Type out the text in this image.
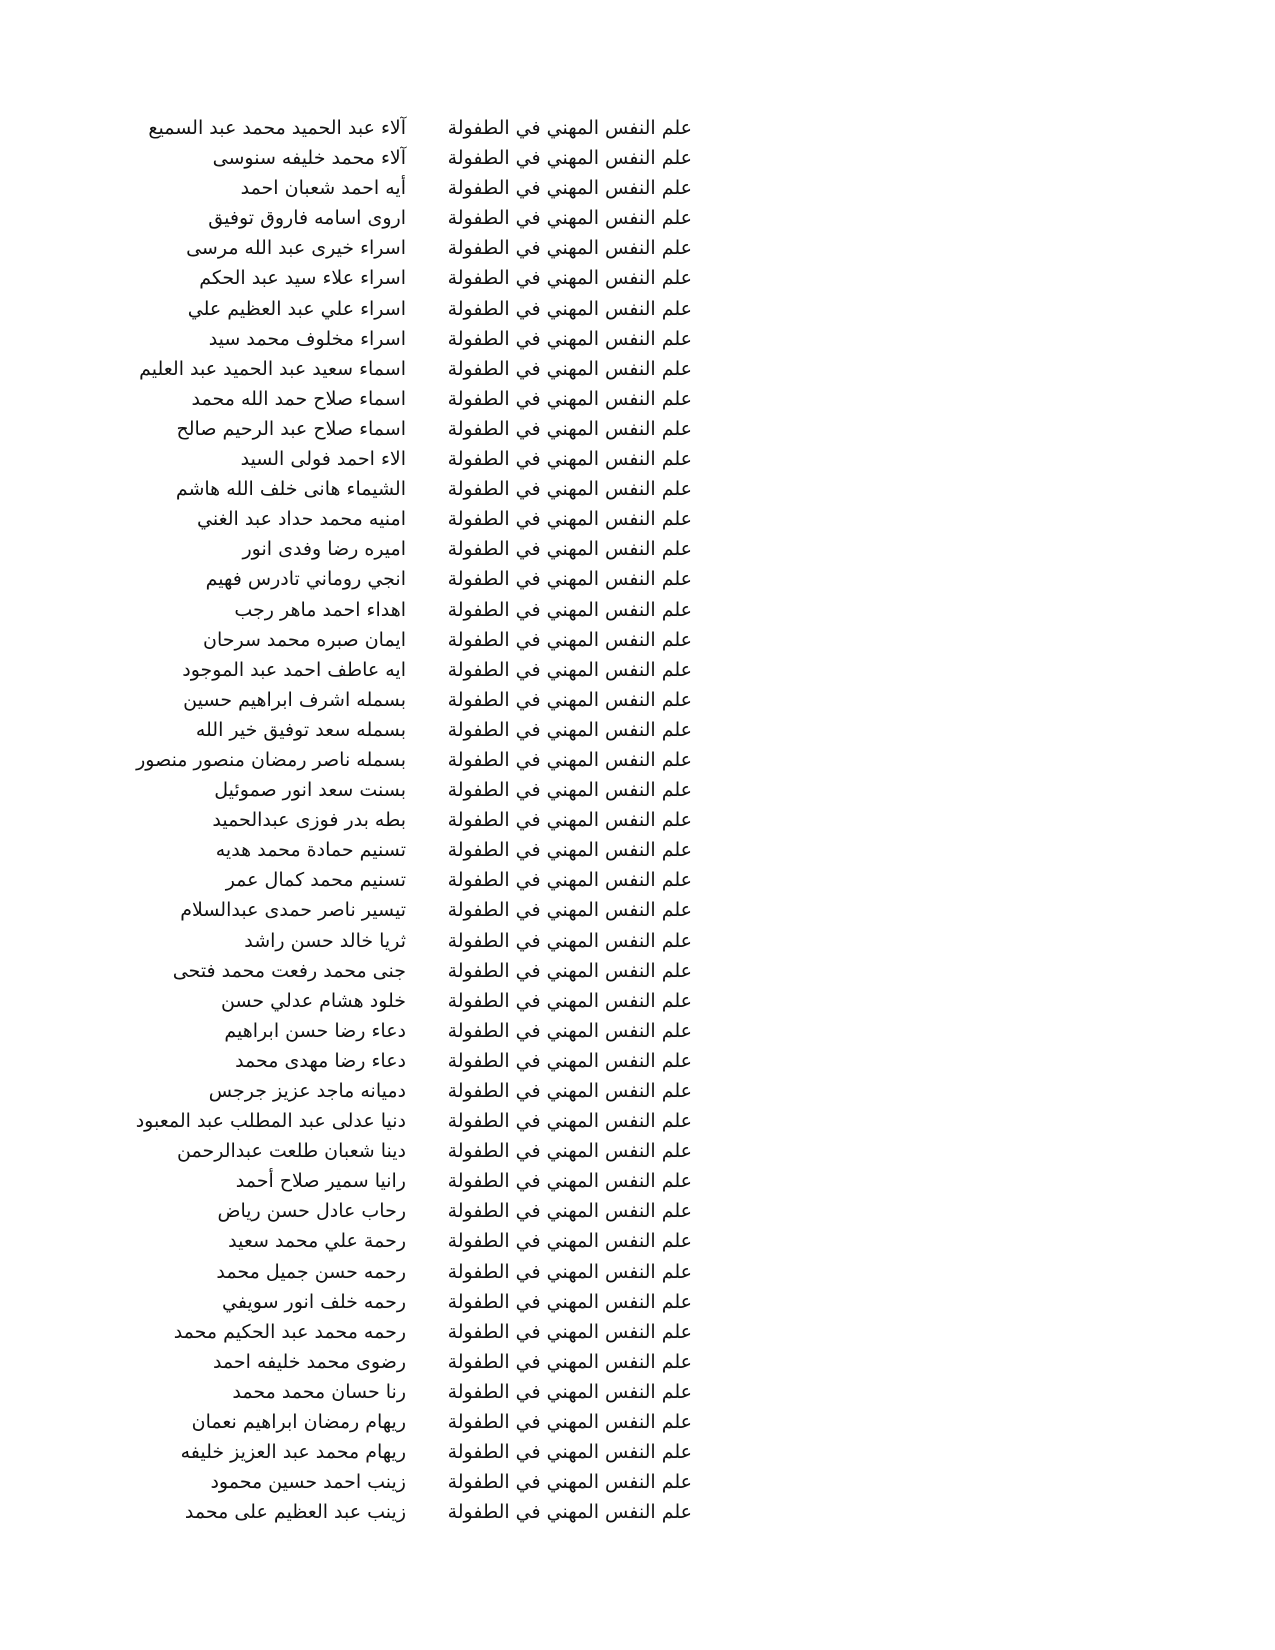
علم النفس المهني في الطفولة
آلاء عبد الحميد محمد عبد السميع
علم النفس المهني في الطفولة
آلاء محمد خليفه سنوسى
علم النفس المهني في الطفولة
أيه احمد شعبان احمد
علم النفس المهني في الطفولة
اروى اسامه فاروق توفيق
علم النفس المهني في الطفولة
اسراء خيرى عبد الله مرسى
علم النفس المهني في الطفولة
اسراء علاء سيد عبد الحكم
علم النفس المهني في الطفولة
اسراء علي عبد العظيم علي
علم النفس المهني في الطفولة
اسراء مخلوف محمد سيد
علم النفس المهني في الطفولة
اسماء سعيد عبد الحميد عبد العليم
علم النفس المهني في الطفولة
اسماء صلاح حمد الله محمد
علم النفس المهني في الطفولة
اسماء صلاح عبد الرحيم صالح
علم النفس المهني في الطفولة
الاء احمد فولى السيد
علم النفس المهني في الطفولة
الشيماء هانى خلف الله هاشم
علم النفس المهني في الطفولة
امنيه محمد حداد عبد الغني
علم النفس المهني في الطفولة
اميره رضا وفدى انور
علم النفس المهني في الطفولة
انجي روماني تادرس فهيم
علم النفس المهني في الطفولة
اهداء احمد ماهر رجب
علم النفس المهني في الطفولة
ايمان صبره محمد سرحان
علم النفس المهني في الطفولة
ايه عاطف احمد عبد الموجود
علم النفس المهني في الطفولة
بسمله اشرف ابراهيم حسين
علم النفس المهني في الطفولة
بسمله سعد توفيق خير الله
علم النفس المهني في الطفولة
بسمله ناصر رمضان منصور منصور
علم النفس المهني في الطفولة
بسنت سعد انور صموئيل
علم النفس المهني في الطفولة
بطه بدر فوزى عبدالحميد
علم النفس المهني في الطفولة
تسنيم حمادة محمد هديه
علم النفس المهني في الطفولة
تسنيم محمد كمال عمر
علم النفس المهني في الطفولة
تيسير ناصر حمدى عبدالسلام
علم النفس المهني في الطفولة
ثريا خالد حسن راشد
علم النفس المهني في الطفولة
جنى محمد رفعت محمد فتحى
علم النفس المهني في الطفولة
خلود هشام عدلي حسن
علم النفس المهني في الطفولة
دعاء رضا حسن ابراهيم
علم النفس المهني في الطفولة
دعاء رضا مهدى محمد
علم النفس المهني في الطفولة
دميانه ماجد عزيز جرجس
علم النفس المهني في الطفولة
دنيا عدلى عبد المطلب عبد المعبود
علم النفس المهني في الطفولة
دينا شعبان طلعت عبدالرحمن
علم النفس المهني في الطفولة
رانيا سمير صلاح أحمد
علم النفس المهني في الطفولة
رحاب عادل حسن رياض
علم النفس المهني في الطفولة
رحمة علي محمد سعيد
علم النفس المهني في الطفولة
رحمه حسن جميل محمد
علم النفس المهني في الطفولة
رحمه خلف انور سويفي
علم النفس المهني في الطفولة
رحمه محمد عبد الحكيم محمد
علم النفس المهني في الطفولة
رضوى محمد خليفه احمد
علم النفس المهني في الطفولة
رنا حسان محمد محمد
علم النفس المهني في الطفولة
ريهام رمضان ابراهيم نعمان
علم النفس المهني في الطفولة
ريهام محمد عبد العزيز خليفه
علم النفس المهني في الطفولة
زينب احمد حسين محمود
علم النفس المهني في الطفولة
زينب عبد العظيم على محمد
